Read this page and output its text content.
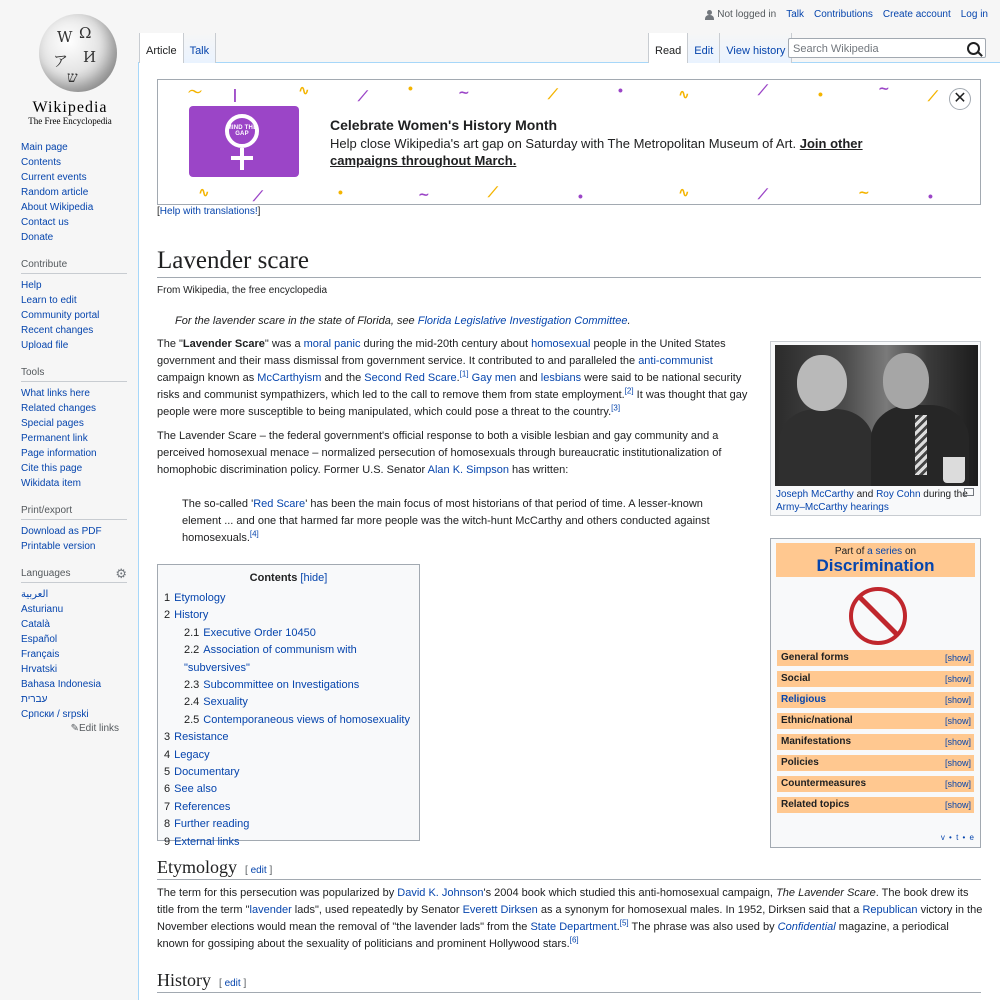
W Ω
ア И
ש
Wikipedia
The Free Encyclopedia
Main page
Contents
Current events
Random article
About Wikipedia
Contact us
Donate
Contribute
Help
Learn to edit
Community portal
Recent changes
Upload file
Tools
What links here
Related changes
Special pages
Permanent link
Page information
Cite this page
Wikidata item
Print/export
Download as PDF
Printable version
Languages	⚙
العربية
Asturianu
Català
Español
Français
Hrvatski
Bahasa Indonesia
עברית
Српски / srpski
✎Edit links
Not logged in Talk Contributions Create account Log in
Article	Talk	Read	Edit	View history
Search Wikipedia
〜 |	∿	⟋	•	∼	⟋	•	∿	⟋	•	∼	⟋
∿	⟋	•	∼	⟋	•	∿	⟋	∼	•
MIND THE GAP
Celebrate Women's History Month
Help close Wikipedia's art gap on Saturday with The Metropolitan Museum of Art. Join other campaigns throughout March.
✕
[Help with translations!]
Lavender scare
From Wikipedia, the free encyclopedia
For the lavender scare in the state of Florida, see Florida Legislative Investigation Committee.
The "Lavender Scare" was a moral panic during the mid-20th century about homosexual people in the United States government and their mass dismissal from government service. It contributed to and paralleled the anti-communist campaign known as McCarthyism and the Second Red Scare.[1] Gay men and lesbians were said to be national security risks and communist sympathizers, which led to the call to remove them from state employment.[2] It was thought that gay people were more susceptible to being manipulated, which could pose a threat to the country.[3]
The Lavender Scare – the federal government's official response to both a visible lesbian and gay community and a perceived homosexual menace – normalized persecution of homosexuals through bureaucratic institutionalization of homophobic discrimination policy. Former U.S. Senator Alan K. Simpson has written:
The so-called 'Red Scare' has been the main focus of most historians of that period of time. A lesser-known element ... and one that harmed far more people was the witch-hunt McCarthy and others conducted against homosexuals.[4]
Joseph McCarthy and Roy Cohn during the Army–McCarthy hearings
Part of a series on
Discrimination
General forms	[show]
Social	[show]
Religious	[show]
Ethnic/national	[show]
Manifestations	[show]
Policies	[show]
Countermeasures	[show]
Related topics	[show]
v • t • e
Contents [hide]
1 Etymology
2 History
2.1 Executive Order 10450
2.2 Association of communism with "subversives"
2.3 Subcommittee on Investigations
2.4 Sexuality
2.5 Contemporaneous views of homosexuality
3 Resistance
4 Legacy
5 Documentary
6 See also
7 References
8 Further reading
9 External links
Etymology [ edit ]
The term for this persecution was popularized by David K. Johnson's 2004 book which studied this anti-homosexual campaign, The Lavender Scare. The book drew its title from the term "lavender lads", used repeatedly by Senator Everett Dirksen as a synonym for homosexual males. In 1952, Dirksen said that a Republican victory in the November elections would mean the removal of "the lavender lads" from the State Department.[5] The phrase was also used by Confidential magazine, a periodical known for gossiping about the sexuality of politicians and prominent Hollywood stars.[6]
History [ edit ]
